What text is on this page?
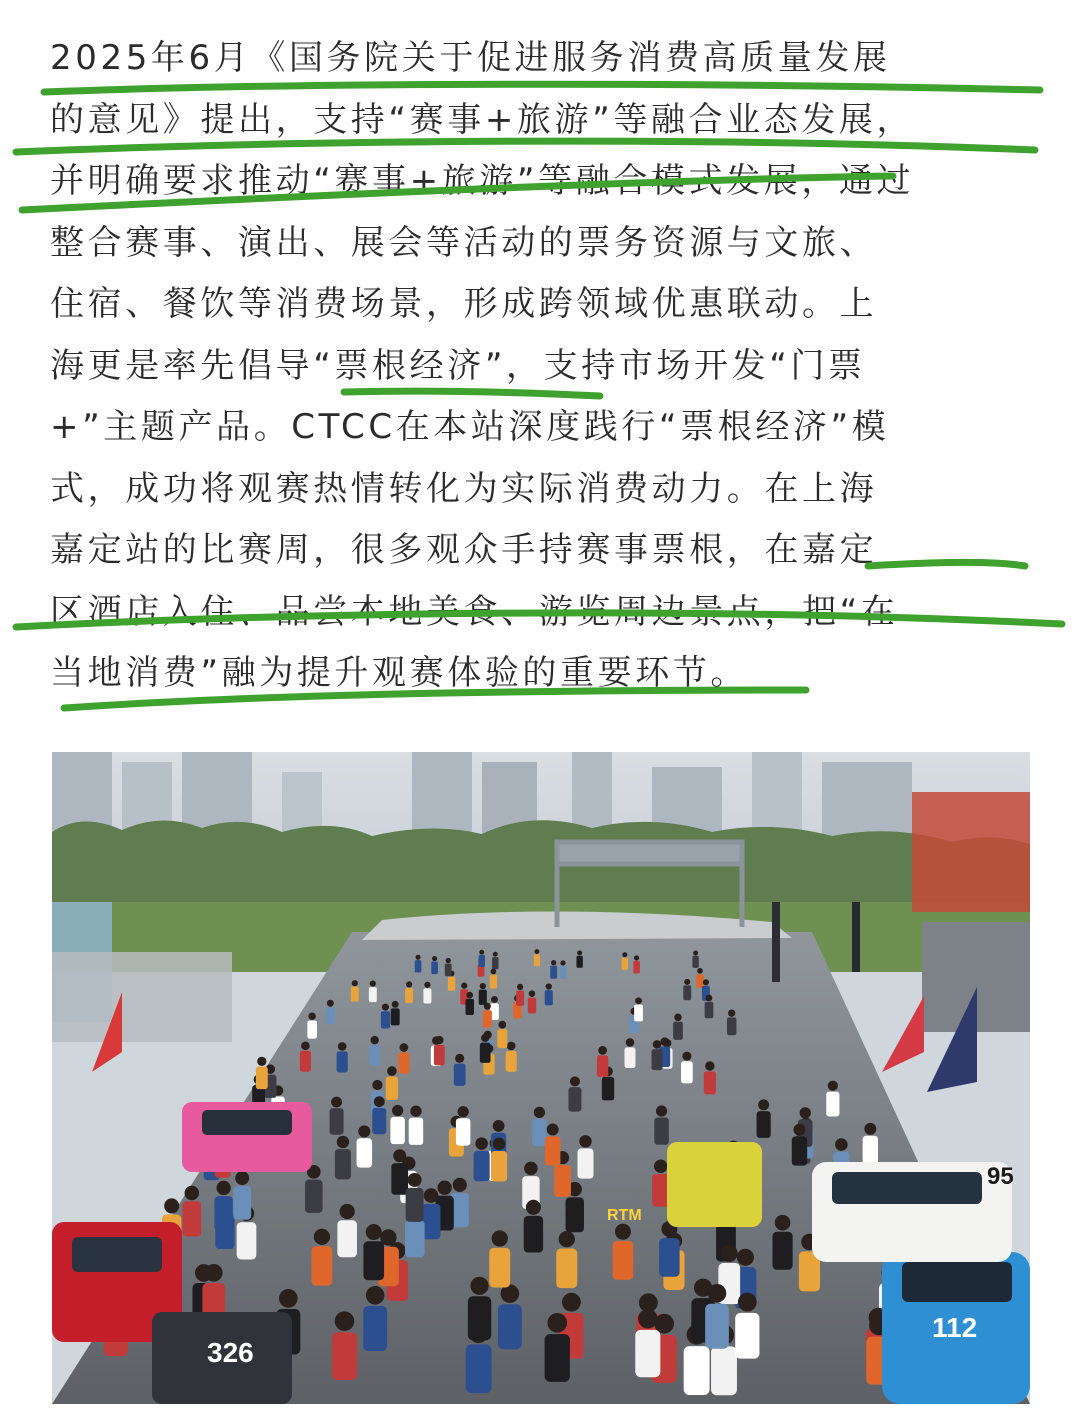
2025年6月《国务院关于促进服务消费高质量发展
的意见》提出，支持“赛事+旅游”等融合业态发展，
并明确要求推动“赛事+旅游”等融合模式发展，通过
整合赛事、演出、展会等活动的票务资源与文旅、
住宿、餐饮等消费场景，形成跨领域优惠联动。上
海更是率先倡导“票根经济”，支持市场开发“门票
+”主题产品。CTCC在本站深度践行“票根经济”模
式，成功将观赛热情转化为实际消费动力。在上海
嘉定站的比赛周，很多观众手持赛事票根，在嘉定
区酒店入住、品尝本地美食、游览周边景点，把“在
当地消费”融为提升观赛体验的重要环节。
326
112
95
RTM
